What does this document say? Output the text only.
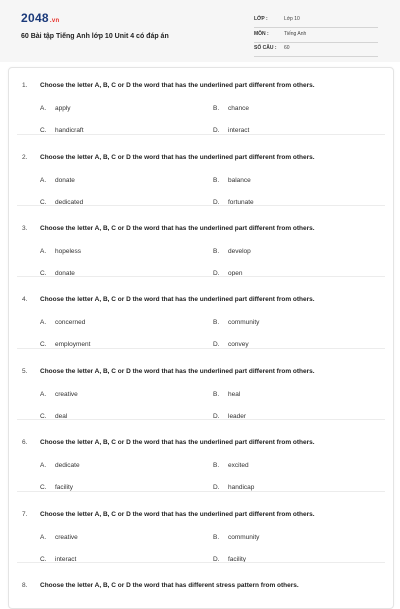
2048.vn
60 Bài tập Tiếng Anh lớp 10 Unit 4 có đáp án
LỚP :	Lớp 10
MÔN :	Tiếng Anh
SỐ CÂU : 60
1. Choose the letter A, B, C or D the word that has the underlined part different from others.
A. apply	B. chance
C. handicraft	D. interact
2. Choose the letter A, B, C or D the word that has the underlined part different from others.
A. donate	B. balance
C. dedicated	D. fortunate
3. Choose the letter A, B, C or D the word that has the underlined part different from others.
A. hopeless	B. develop
C. donate	D. open
4. Choose the letter A, B, C or D the word that has the underlined part different from others.
A. concerned	B. community
C. employment	D. convey
5. Choose the letter A, B, C or D the word that has the underlined part different from others.
A. creative	B. heal
C. deal	D. leader
6. Choose the letter A, B, C or D the word that has the underlined part different from others.
A. dedicate	B. excited
C. facility	D. handicap
7. Choose the letter A, B, C or D the word that has the underlined part different from others.
A. creative	B. community
C. interact	D. facility
8. Choose the letter A, B, C or D the word that has different stress pattern from others.
